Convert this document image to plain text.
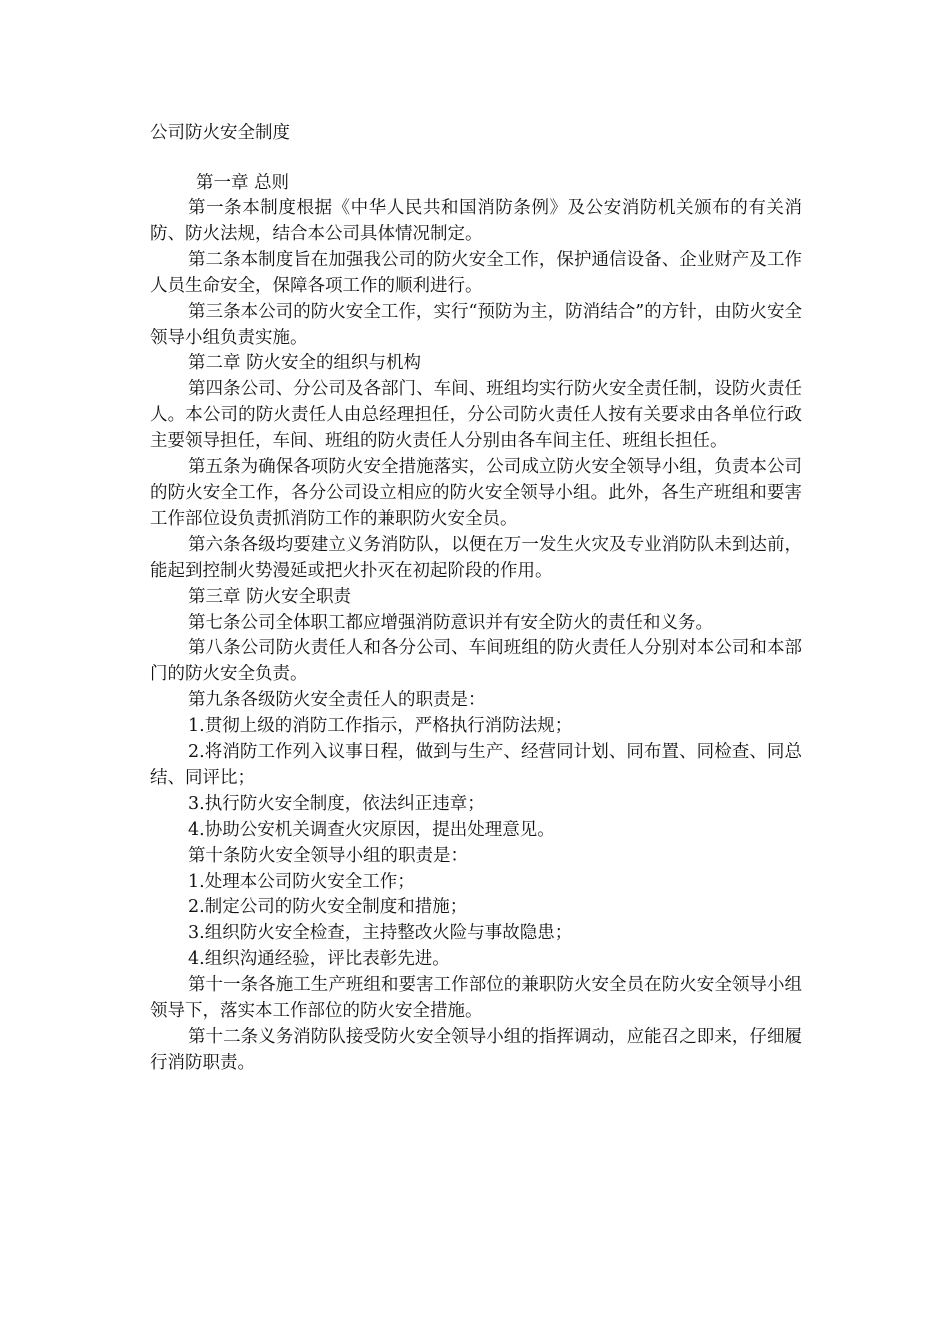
公司防火安全制度

第一章 总则

第一条本制度根据《中华人民共和国消防条例》及公安消防机关颁布的有关消防、防火法规，结合本公司具体情况制定。

第二条本制度旨在加强我公司的防火安全工作，保护通信设备、企业财产及工作人员生命安全，保障各项工作的顺利进行。

第三条本公司的防火安全工作，实行“预防为主，防消结合”的方针，由防火安全领导小组负责实施。

第二章 防火安全的组织与机构

第四条公司、分公司及各部门、车间、班组均实行防火安全责任制，设防火责任人。本公司的防火责任人由总经理担任，分公司防火责任人按有关要求由各单位行政主要领导担任，车间、班组的防火责任人分别由各车间主任、班组长担任。

第五条为确保各项防火安全措施落实，公司成立防火安全领导小组，负责本公司的防火安全工作，各分公司设立相应的防火安全领导小组。此外，各生产班组和要害工作部位设负责抓消防工作的兼职防火安全员。

第六条各级均要建立义务消防队，以便在万一发生火灾及专业消防队未到达前，能起到控制火势漫延或把火扑灭在初起阶段的作用。

第三章 防火安全职责

第七条公司全体职工都应增强消防意识并有安全防火的责任和义务。

第八条公司防火责任人和各分公司、车间班组的防火责任人分别对本公司和本部门的防火安全负责。

第九条各级防火安全责任人的职责是：

1.贯彻上级的消防工作指示，严格执行消防法规；

2.将消防工作列入议事日程，做到与生产、经营同计划、同布置、同检查、同总结、同评比；

3.执行防火安全制度，依法纠正违章；

4.协助公安机关调查火灾原因，提出处理意见。

第十条防火安全领导小组的职责是：

1.处理本公司防火安全工作；

2.制定公司的防火安全制度和措施；

3.组织防火安全检查，主持整改火险与事故隐患；

4.组织沟通经验，评比表彰先进。

第十一条各施工生产班组和要害工作部位的兼职防火安全员在防火安全领导小组领导下，落实本工作部位的防火安全措施。

第十二条义务消防队接受防火安全领导小组的指挥调动，应能召之即来，仔细履行消防职责。
